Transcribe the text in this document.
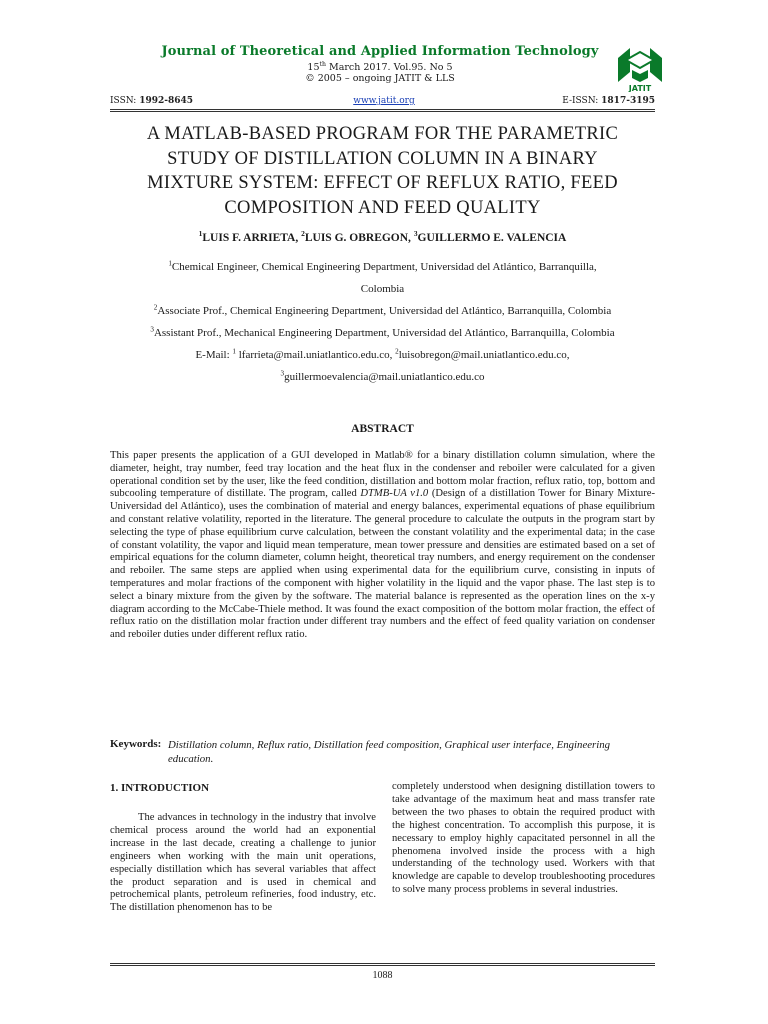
Journal of Theoretical and Applied Information Technology
15th March 2017. Vol.95. No 5
© 2005 – ongoing JATIT & LLS
JATIT
ISSN: 1992-8645	www.jatit.org	E-ISSN: 1817-3195
A MATLAB-BASED PROGRAM FOR THE PARAMETRIC
STUDY OF DISTILLATION COLUMN IN A BINARY
MIXTURE SYSTEM: EFFECT OF REFLUX RATIO, FEED
COMPOSITION AND FEED QUALITY
$^1$LUIS F. ARRIETA, $^2$LUIS G. OBREGON, $^3$GUILLERMO E. VALENCIA
$^1$Chemical Engineer, Chemical Engineering Department, Universidad del Atlántico, Barranquilla,
Colombia
$^2$Associate Prof., Chemical Engineering Department, Universidad del Atlántico, Barranquilla, Colombia
$^3$Assistant Prof., Mechanical Engineering Department, Universidad del Atlántico, Barranquilla, Colombia
E-Mail: $^1$ lfarrieta@mail.uniatlantico.edu.co, $^2$luisobregon@mail.uniatlantico.edu.co,
$^3$guillermoevalencia@mail.uniatlantico.edu.co
ABSTRACT

This paper presents the application of a GUI developed in Matlab® for a binary distillation column simulation, where the diameter, height, tray number, feed tray location and the heat flux in the condenser and reboiler were calculated for a given operational condition set by the user, like the feed condition, distillation and bottom molar fraction, reflux ratio, top, bottom and subcooling temperature of distillate. The program, called DTMB-UA v1.0 (Design of a distillation Tower for Binary Mixture-Universidad del Atlántico), uses the combination of material and energy balances, experimental equations of phase equilibrium and constant relative volatility, reported in the literature. The general procedure to calculate the outputs in the program start by selecting the type of phase equilibrium curve calculation, between the constant volatility and the experimental data; in the case of constant volatility, the vapor and liquid mean temperature, mean tower pressure and densities are estimated based on a set of empirical equations for the column diameter, column height, theoretical tray numbers, and energy requirement on the condenser and reboiler. The same steps are applied when using experimental data for the equilibrium curve, consisting in inputs of temperatures and molar fractions of the component with higher volatility in the liquid and the vapor phase. The last step is to select a binary mixture from the given by the software. The material balance is represented as the operation lines on the x-y diagram according to the McCabe-Thiele method. It was found the exact composition of the bottom molar fraction, the effect of reflux ratio on the distillation molar fraction under different tray numbers and the effect of feed quality variation on condenser and reboiler duties under different reflux ratio.

Keywords: Distillation column, Reflux ratio, Distillation feed composition, Graphical user interface, Engineering education.
1. INTRODUCTION

The advances in technology in the industry that involve chemical process around the world had an exponential increase in the last decade, creating a challenge to junior engineers when working with the main unit operations, especially distillation which has several variables that affect the product separation and is used in chemical and petrochemical plants, petroleum refineries, food industry, etc. The distillation phenomenon has to be

completely understood when designing distillation towers to take advantage of the maximum heat and mass transfer rate between the two phases to obtain the required product with the highest concentration. To accomplish this purpose, it is necessary to employ highly capacitated personnel in all the phenomena involved inside the process with a high understanding of the technology used. Workers with that knowledge are capable to develop troubleshooting procedures to solve many process problems in several industries.

1088
